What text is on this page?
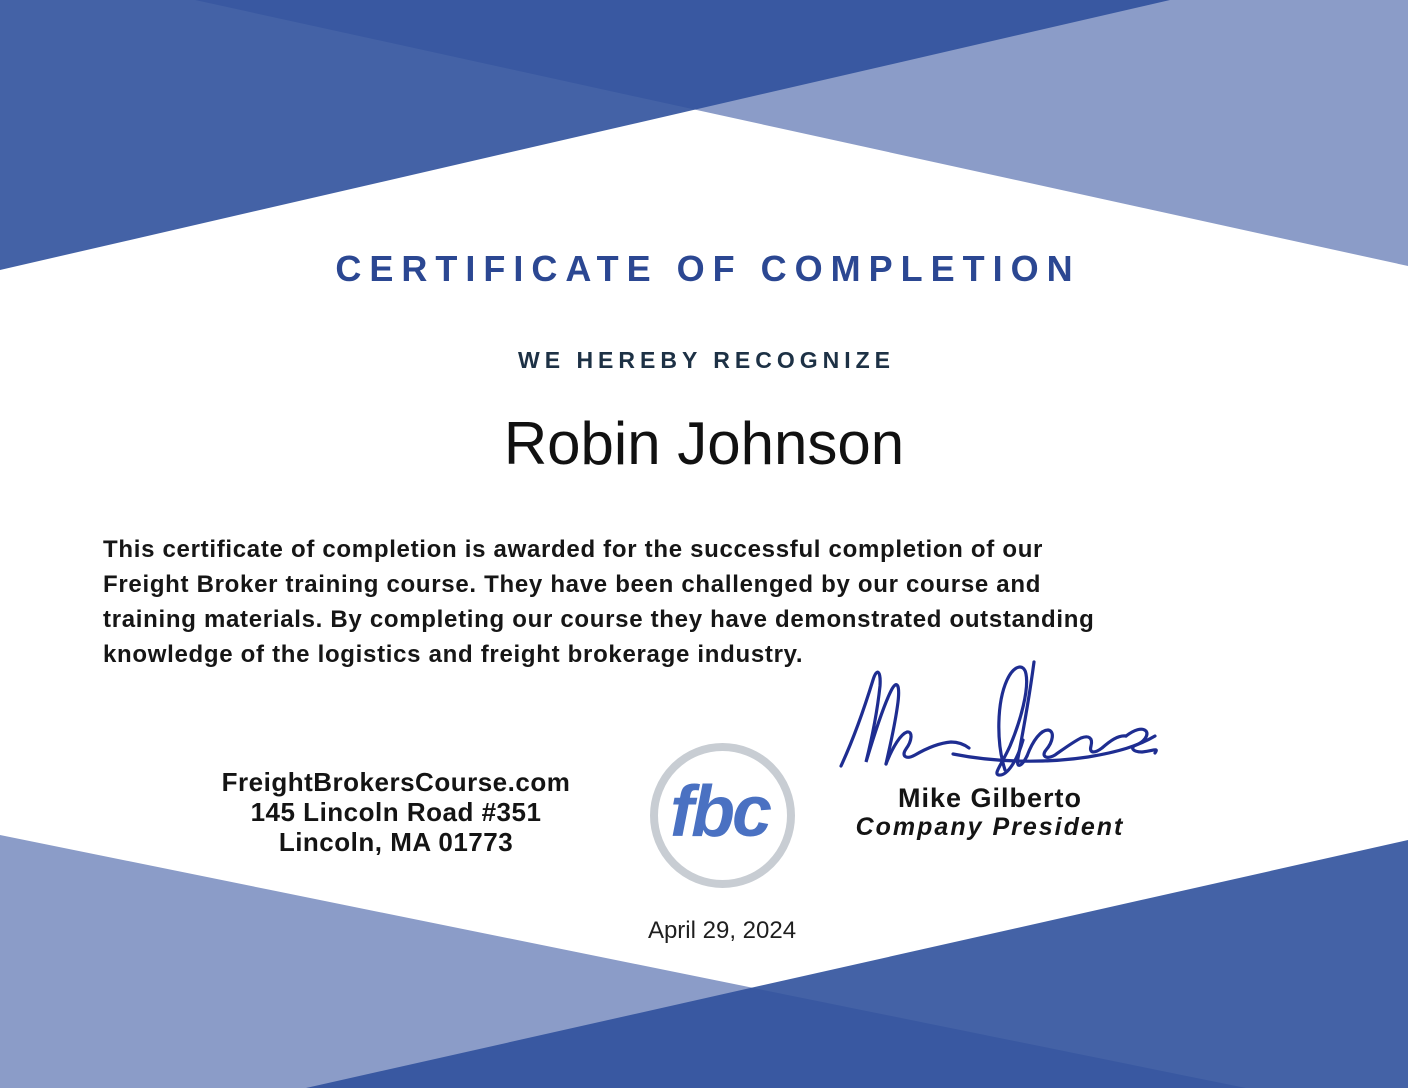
CERTIFICATE OF COMPLETION
WE HEREBY RECOGNIZE
Robin Johnson
This certificate of completion is awarded for the successful completion of our
Freight Broker training course. They have been challenged by our course and
training materials. By completing our course they have demonstrated outstanding
knowledge of the logistics and freight brokerage industry.
FreightBrokersCourse.com
145 Lincoln Road #351
Lincoln, MA 01773	fbc	Mike Gilberto
Company President
April 29, 2024
